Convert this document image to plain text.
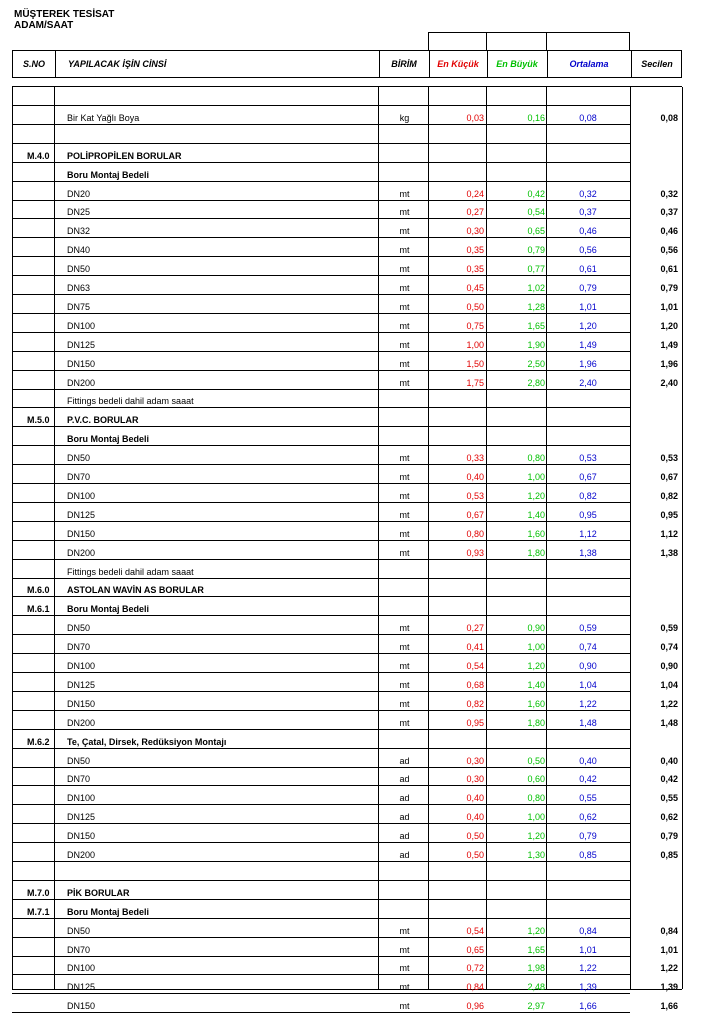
MÜŞTEREK TESİSAT
ADAM/SAAT
S.NO	YAPILACAK İŞİN CİNSİ	BİRİM	En Küçük	En Büyük	Ortalama	Secilen
Bir Kat Yağlı Boya	kg	0,03	0,16	0,08	0,08
M.4.0 POLİPROPİLEN BORULAR
Boru Montaj Bedeli
DN20	mt	0,24	0,42	0,32	0,32
DN25	mt	0,27	0,54	0,37	0,37
DN32	mt	0,30	0,65	0,46	0,46
DN40	mt	0,35	0,79	0,56	0,56
DN50	mt	0,35	0,77	0,61	0,61
DN63	mt	0,45	1,02	0,79	0,79
DN75	mt	0,50	1,28	1,01	1,01
DN100	mt	0,75	1,65	1,20	1,20
DN125	mt	1,00	1,90	1,49	1,49
DN150	mt	1,50	2,50	1,96	1,96
DN200	mt	1,75	2,80	2,40	2,40
Fittings bedeli dahil adam saaat
M.5.0 P.V.C. BORULAR
Boru Montaj Bedeli
DN50	mt	0,33	0,80	0,53	0,53
DN70	mt	0,40	1,00	0,67	0,67
DN100	mt	0,53	1,20	0,82	0,82
DN125	mt	0,67	1,40	0,95	0,95
DN150	mt	0,80	1,60	1,12	1,12
DN200	mt	0,93	1,80	1,38	1,38
Fittings bedeli dahil adam saaat
M.6.0 ASTOLAN WAVİN AS BORULAR
M.6.1 Boru Montaj Bedeli
DN50	mt	0,27	0,90	0,59	0,59
DN70	mt	0,41	1,00	0,74	0,74
DN100	mt	0,54	1,20	0,90	0,90
DN125	mt	0,68	1,40	1,04	1,04
DN150	mt	0,82	1,60	1,22	1,22
DN200	mt	0,95	1,80	1,48	1,48
M.6.2 Te, Çatal, Dirsek, Redüksiyon Montajı
DN50	ad	0,30	0,50	0,40	0,40
DN70	ad	0,30	0,60	0,42	0,42
DN100	ad	0,40	0,80	0,55	0,55
DN125	ad	0,40	1,00	0,62	0,62
DN150	ad	0,50	1,20	0,79	0,79
DN200	ad	0,50	1,30	0,85	0,85
M.7.0 PİK BORULAR
M.7.1 Boru Montaj Bedeli
DN50	mt	0,54	1,20	0,84	0,84
DN70	mt	0,65	1,65	1,01	1,01
DN100	mt	0,72	1,98	1,22	1,22
DN125	mt	0,84	2,48	1,39	1,39
DN150	mt	0,96	2,97	1,66	1,66
